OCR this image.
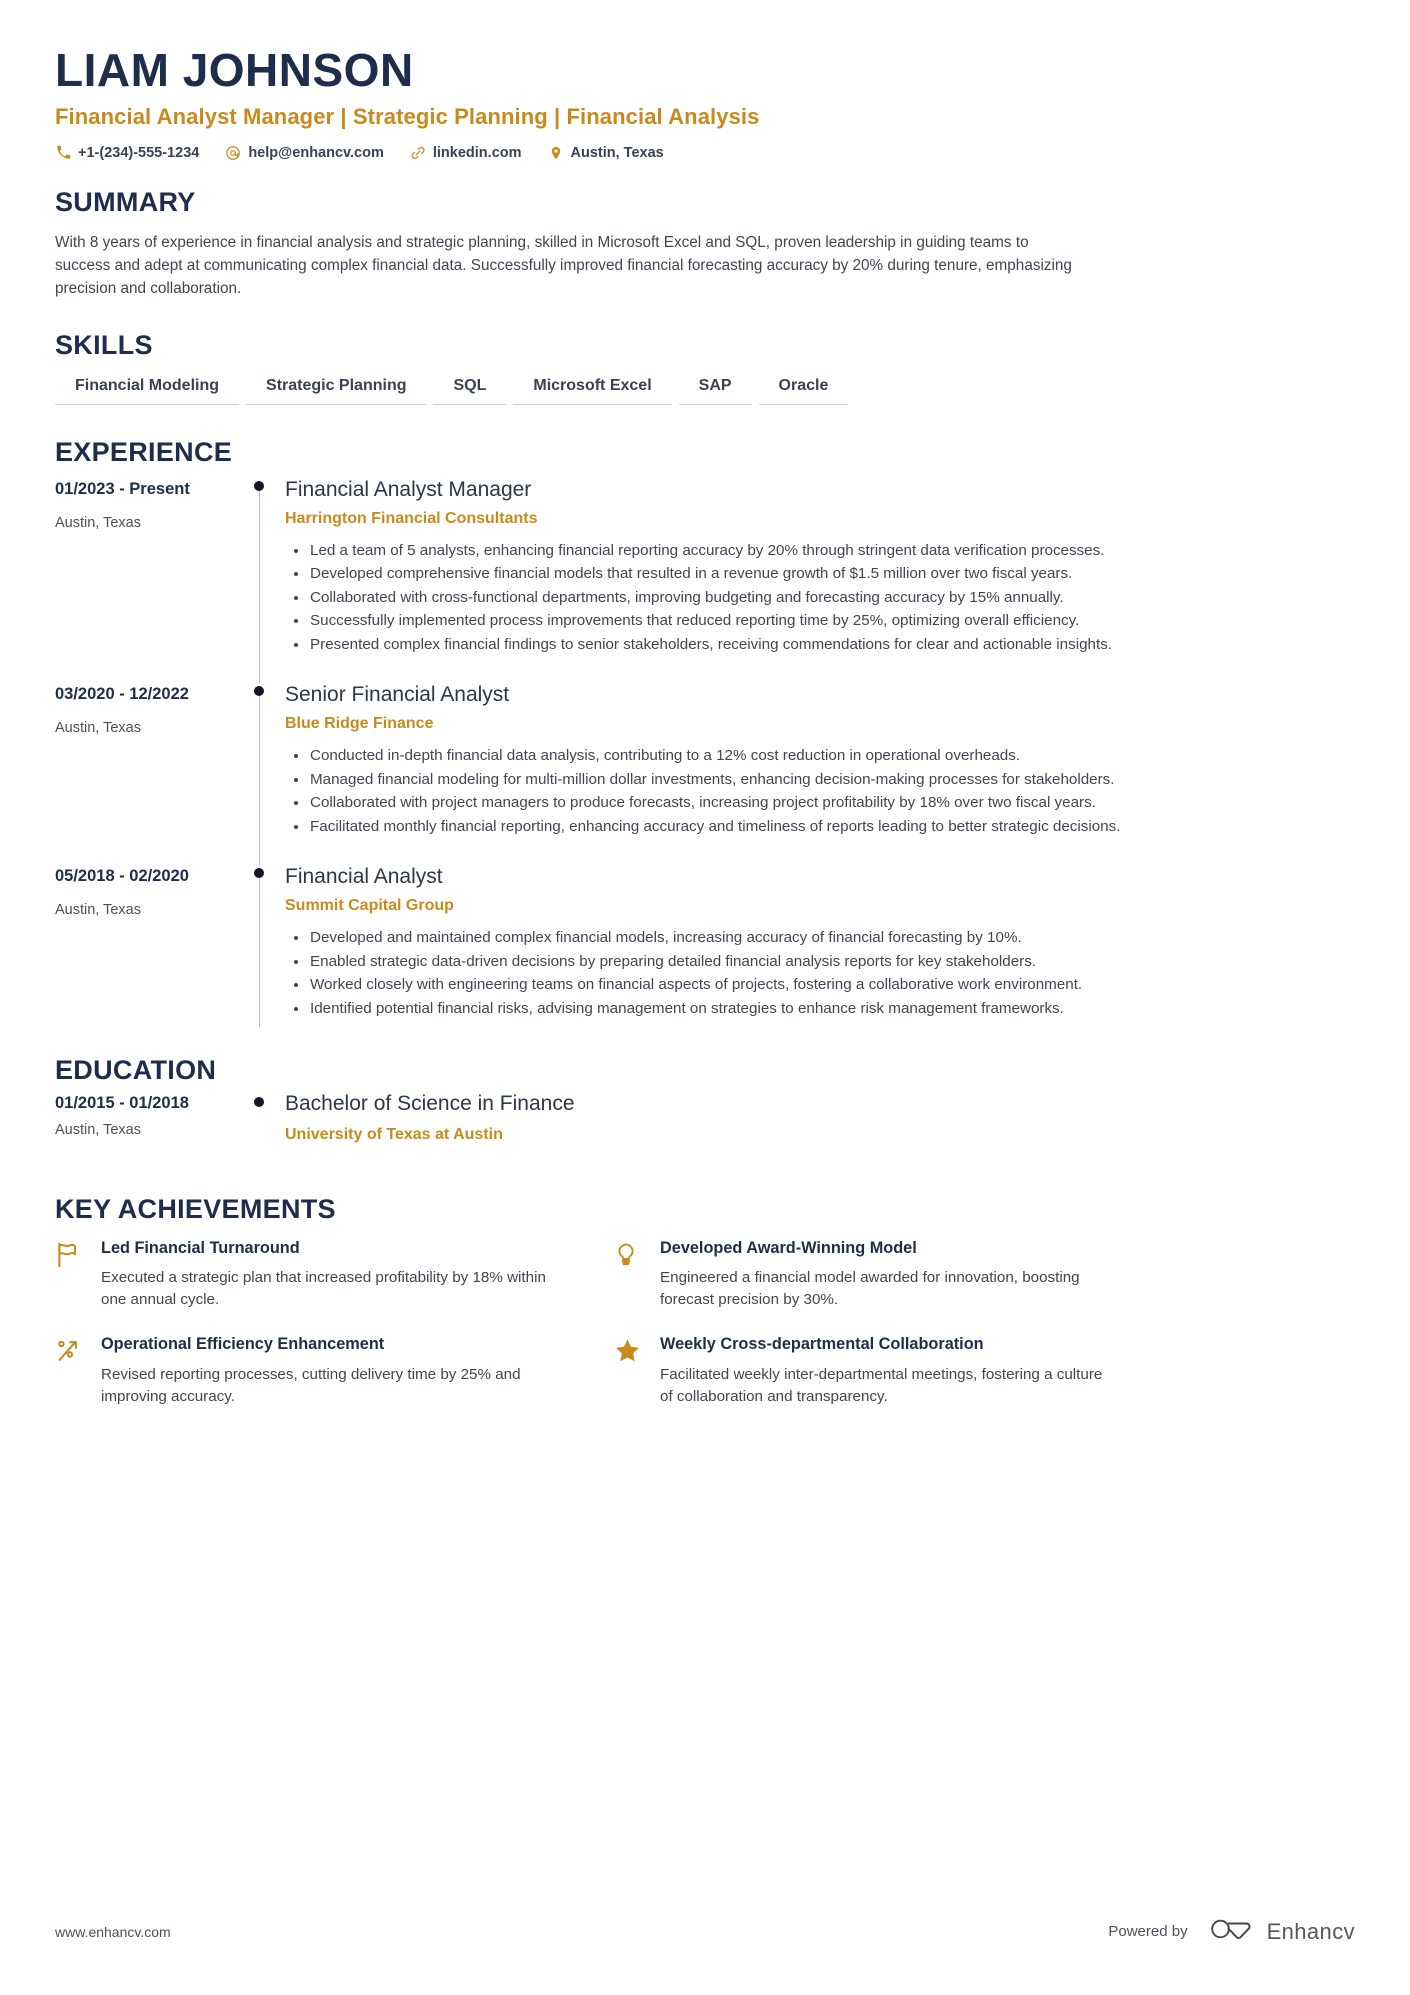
LIAM JOHNSON
Financial Analyst Manager | Strategic Planning | Financial Analysis
+1-(234)-555-1234	help@enhancv.com	linkedin.com	Austin, Texas
SUMMARY
With 8 years of experience in financial analysis and strategic planning, skilled in Microsoft Excel and SQL, proven leadership in guiding teams to success and adept at communicating complex financial data. Successfully improved financial forecasting accuracy by 20% during tenure, emphasizing precision and collaboration.
SKILLS
Financial Modeling	Strategic Planning	SQL	Microsoft Excel	SAP	Oracle
EXPERIENCE
01/2023 - Present
Austin, Texas
Financial Analyst Manager
Harrington Financial Consultants
Led a team of 5 analysts, enhancing financial reporting accuracy by 20% through stringent data verification processes.
Developed comprehensive financial models that resulted in a revenue growth of $1.5 million over two fiscal years.
Collaborated with cross-functional departments, improving budgeting and forecasting accuracy by 15% annually.
Successfully implemented process improvements that reduced reporting time by 25%, optimizing overall efficiency.
Presented complex financial findings to senior stakeholders, receiving commendations for clear and actionable insights.
03/2020 - 12/2022
Austin, Texas
Senior Financial Analyst
Blue Ridge Finance
Conducted in-depth financial data analysis, contributing to a 12% cost reduction in operational overheads.
Managed financial modeling for multi-million dollar investments, enhancing decision-making processes for stakeholders.
Collaborated with project managers to produce forecasts, increasing project profitability by 18% over two fiscal years.
Facilitated monthly financial reporting, enhancing accuracy and timeliness of reports leading to better strategic decisions.
05/2018 - 02/2020
Austin, Texas
Financial Analyst
Summit Capital Group
Developed and maintained complex financial models, increasing accuracy of financial forecasting by 10%.
Enabled strategic data-driven decisions by preparing detailed financial analysis reports for key stakeholders.
Worked closely with engineering teams on financial aspects of projects, fostering a collaborative work environment.
Identified potential financial risks, advising management on strategies to enhance risk management frameworks.
EDUCATION
01/2015 - 01/2018
Austin, Texas
Bachelor of Science in Finance
University of Texas at Austin
KEY ACHIEVEMENTS
Led Financial Turnaround
Executed a strategic plan that increased profitability by 18% within one annual cycle.
Developed Award-Winning Model
Engineered a financial model awarded for innovation, boosting forecast precision by 30%.
Operational Efficiency Enhancement
Revised reporting processes, cutting delivery time by 25% and improving accuracy.
Weekly Cross-departmental Collaboration
Facilitated weekly inter-departmental meetings, fostering a culture of collaboration and transparency.
www.enhancv.com	Powered by	Enhancv
